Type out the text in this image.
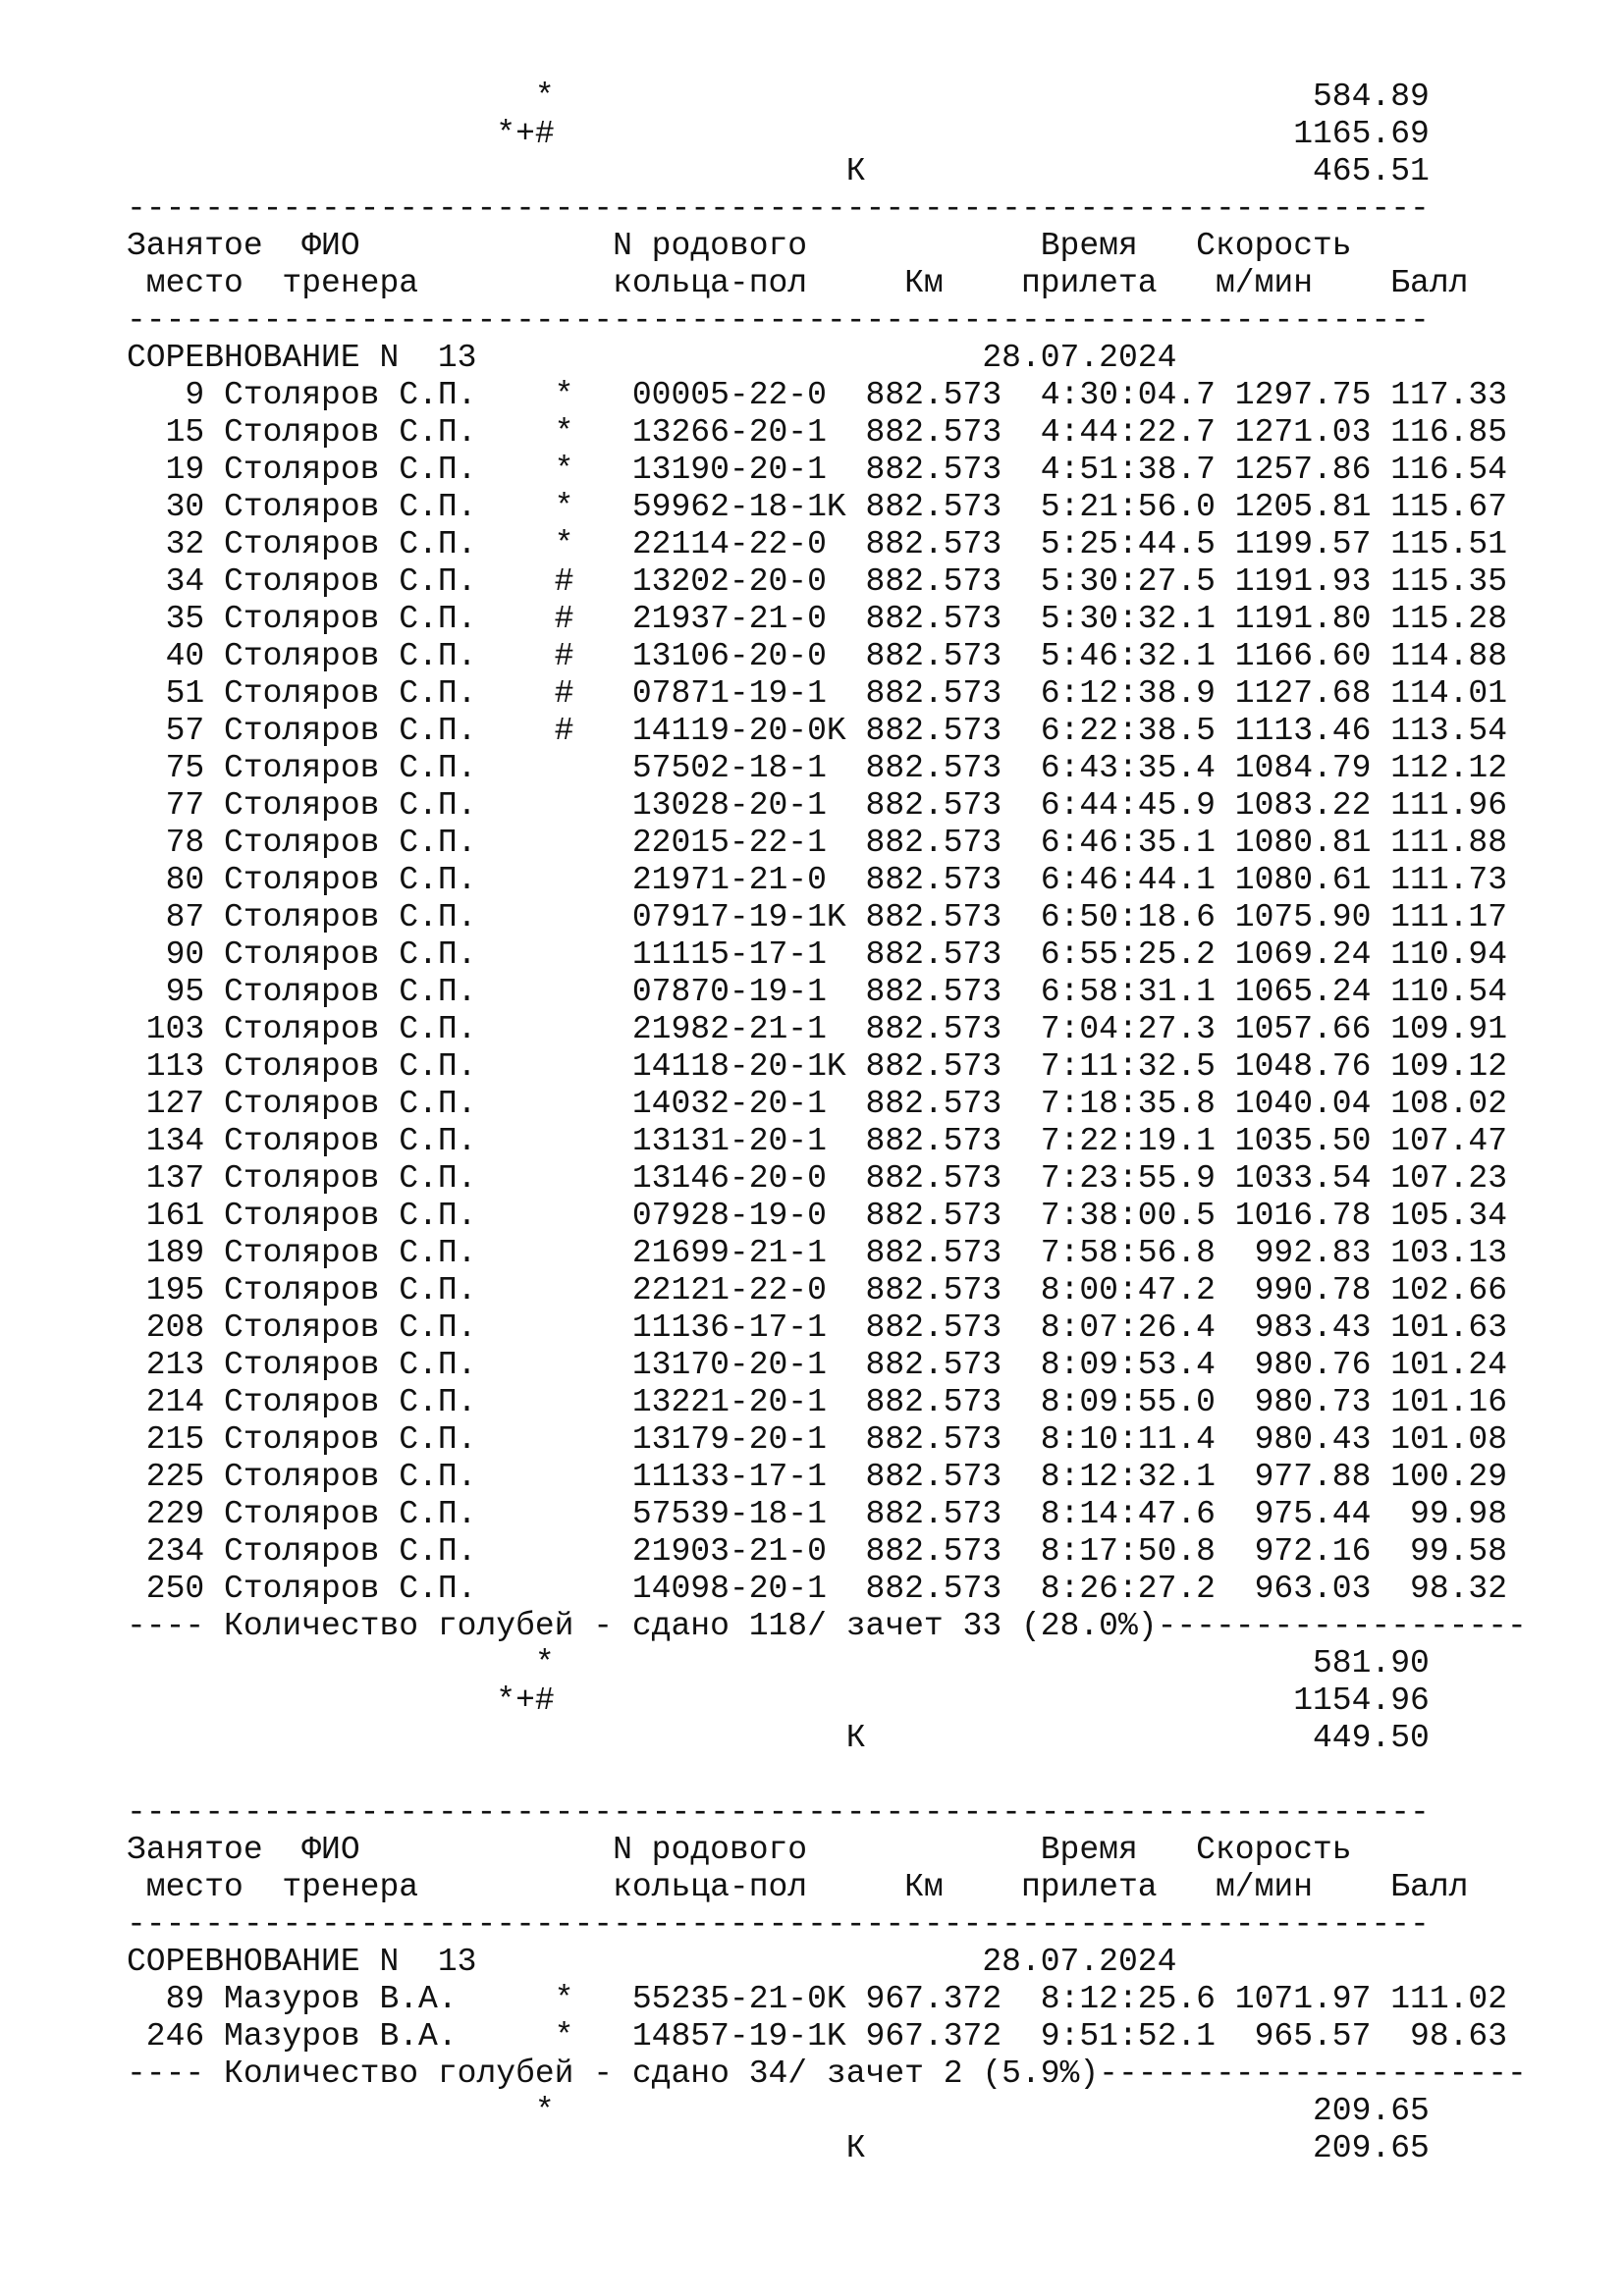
*                                       584.89
*+#                                      1165.69
К                       465.51
-------------------------------------------------------------------
Занятое  ФИО             N родового            Время   Скорость
место  тренера          кольца-пол     Км    прилета   м/мин    Балл
-------------------------------------------------------------------
СОРЕВНОВАНИЕ N  13                          28.07.2024
9 Столяров С.П.    *   00005-22-0  882.573  4:30:04.7 1297.75 117.33
15 Столяров С.П.    *   13266-20-1  882.573  4:44:22.7 1271.03 116.85
19 Столяров С.П.    *   13190-20-1  882.573  4:51:38.7 1257.86 116.54
30 Столяров С.П.    *   59962-18-1K 882.573  5:21:56.0 1205.81 115.67
32 Столяров С.П.    *   22114-22-0  882.573  5:25:44.5 1199.57 115.51
34 Столяров С.П.    #   13202-20-0  882.573  5:30:27.5 1191.93 115.35
35 Столяров С.П.    #   21937-21-0  882.573  5:30:32.1 1191.80 115.28
40 Столяров С.П.    #   13106-20-0  882.573  5:46:32.1 1166.60 114.88
51 Столяров С.П.    #   07871-19-1  882.573  6:12:38.9 1127.68 114.01
57 Столяров С.П.    #   14119-20-0K 882.573  6:22:38.5 1113.46 113.54
75 Столяров С.П.        57502-18-1  882.573  6:43:35.4 1084.79 112.12
77 Столяров С.П.        13028-20-1  882.573  6:44:45.9 1083.22 111.96
78 Столяров С.П.        22015-22-1  882.573  6:46:35.1 1080.81 111.88
80 Столяров С.П.        21971-21-0  882.573  6:46:44.1 1080.61 111.73
87 Столяров С.П.        07917-19-1K 882.573  6:50:18.6 1075.90 111.17
90 Столяров С.П.        11115-17-1  882.573  6:55:25.2 1069.24 110.94
95 Столяров С.П.        07870-19-1  882.573  6:58:31.1 1065.24 110.54
103 Столяров С.П.        21982-21-1  882.573  7:04:27.3 1057.66 109.91
113 Столяров С.П.        14118-20-1K 882.573  7:11:32.5 1048.76 109.12
127 Столяров С.П.        14032-20-1  882.573  7:18:35.8 1040.04 108.02
134 Столяров С.П.        13131-20-1  882.573  7:22:19.1 1035.50 107.47
137 Столяров С.П.        13146-20-0  882.573  7:23:55.9 1033.54 107.23
161 Столяров С.П.        07928-19-0  882.573  7:38:00.5 1016.78 105.34
189 Столяров С.П.        21699-21-1  882.573  7:58:56.8  992.83 103.13
195 Столяров С.П.        22121-22-0  882.573  8:00:47.2  990.78 102.66
208 Столяров С.П.        11136-17-1  882.573  8:07:26.4  983.43 101.63
213 Столяров С.П.        13170-20-1  882.573  8:09:53.4  980.76 101.24
214 Столяров С.П.        13221-20-1  882.573  8:09:55.0  980.73 101.16
215 Столяров С.П.        13179-20-1  882.573  8:10:11.4  980.43 101.08
225 Столяров С.П.        11133-17-1  882.573  8:12:32.1  977.88 100.29
229 Столяров С.П.        57539-18-1  882.573  8:14:47.6  975.44  99.98
234 Столяров С.П.        21903-21-0  882.573  8:17:50.8  972.16  99.58
250 Столяров С.П.        14098-20-1  882.573  8:26:27.2  963.03  98.32
---- Количество голубей - сдано 118/ зачет 33 (28.0%)-------------------
*                                       581.90
*+#                                      1154.96
К                       449.50
-------------------------------------------------------------------
Занятое  ФИО             N родового            Время   Скорость
место  тренера          кольца-пол     Км    прилета   м/мин    Балл
-------------------------------------------------------------------
СОРЕВНОВАНИЕ N  13                          28.07.2024
89 Мазуров В.А.     *   55235-21-0K 967.372  8:12:25.6 1071.97 111.02
246 Мазуров В.А.     *   14857-19-1K 967.372  9:51:52.1  965.57  98.63
---- Количество голубей - сдано 34/ зачет 2 (5.9%)----------------------
*                                       209.65
К                       209.65
